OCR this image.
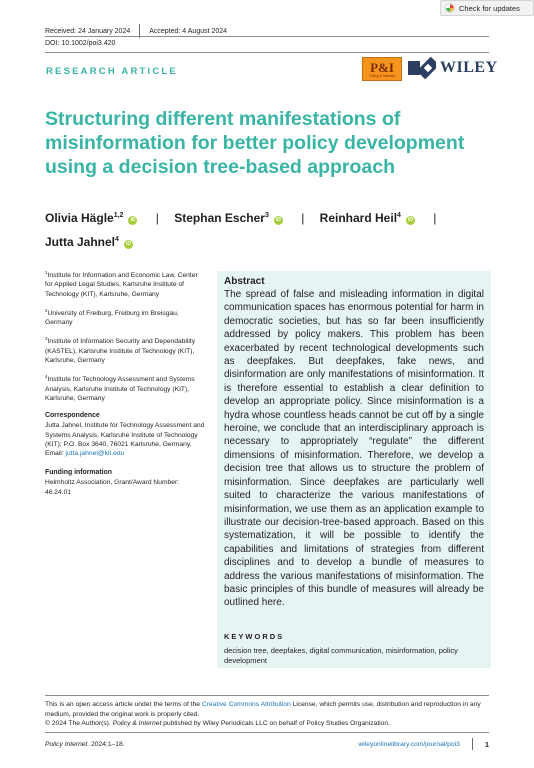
Check for updates
Received: 24 January 2024	Accepted: 4 August 2024
DOI: 10.1002/poi3.420
RESEARCH ARTICLE	P&I
Policy & Internet	WILEY
Structuring different manifestations of misinformation for better policy development using a decision tree-based approach
Olivia Hägle$^{1,2}$iD | Stephan Escher$^3$iD | Reinhard Heil$^4$iD |
Jutta Jahnel$^4$iD
$^1$Institute for Information and Economic Law, Center for Applied Legal Studies, Karlsruhe Institute of Technology (KIT), Karlsruhe, Germany
$^2$University of Freiburg, Freiburg im Breisgau, Germany
$^3$Institute of Information Security and Dependability (KASTEL), Karlsruhe Institute of Technology (KIT), Karlsruhe, Germany
$^4$Institute for Technology Assessment and Systems Analysis, Karlsruhe Institute of Technology (KIT), Karlsruhe, Germany
Correspondence
Jutta Jahnel, Institute for Technology Assessment and Systems Analysis, Karlsruhe Institute of Technology (KIT); P.O. Box 3640, 76021 Karlsruhe, Germany.
Email: jutta.jahnel@kit.edu
Funding information
Helmholtz Association, Grant/Award Number: 46.24.01
Abstract
The spread of false and misleading information in digital communication spaces has enormous potential for harm in democratic societies, but has so far been insufficiently addressed by policy makers. This problem has been exacerbated by recent technological developments such as deepfakes. But deepfakes, fake news, and disinformation are only manifestations of misinformation. It is therefore essential to establish a clear definition to develop an appropriate policy. Since misinformation is a hydra whose countless heads cannot be cut off by a single heroine, we conclude that an interdisciplinary approach is necessary to appropriately “regulate” the different dimensions of misinformation. Therefore, we develop a decision tree that allows us to structure the problem of misinformation. Since deepfakes are particularly well suited to characterize the various manifestations of misinformation, we use them as an application example to illustrate our decision-tree-based approach. Based on this systematization, it will be possible to identify the capabilities and limitations of strategies from different disciplines and to develop a bundle of measures to address the various manifestations of misinformation. The basic principles of this bundle of measures will already be outlined here.
KEYWORDS
decision tree, deepfakes, digital communication, misinformation, policy development
This is an open access article under the terms of the Creative Commons Attribution License, which permits use, distribution and reproduction in any medium, provided the original work is properly cited.
© 2024 The Author(s). Policy & Internet published by Wiley Periodicals LLC on behalf of Policy Studies Organization.
Policy Internet. 2024;1–18.	wileyonlinelibrary.com/journal/poi3	1
